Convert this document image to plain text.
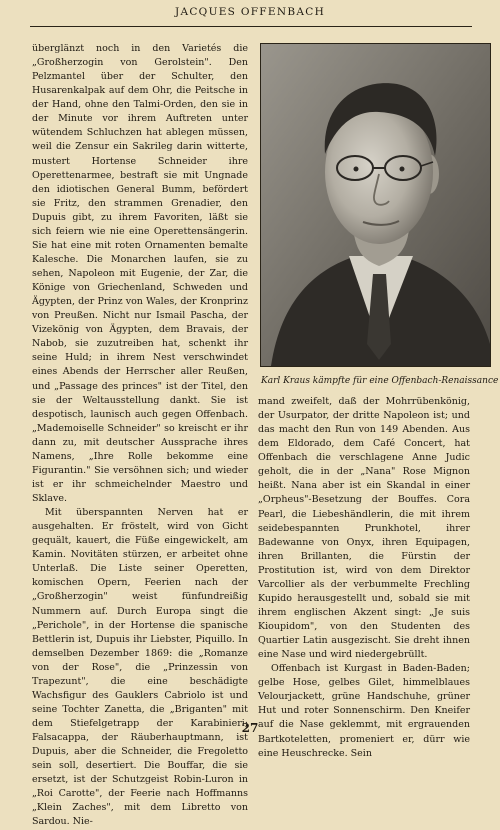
JACQUES OFFENBACH

überglänzt noch in den Varietés die „Großherzogin von Gerolstein". Den Pelzmantel über der Schulter, den Husarenkalpak auf dem Ohr, die Peitsche in der Hand, ohne den Talmi-Orden, den sie in der Minute vor ihrem Auftreten unter wütendem Schluchzen hat ablegen müssen, weil die Zensur ein Sakrileg darin witterte, mustert Hortense Schneider ihre Operettenarmee, bestraft sie mit Ungnade den idiotischen General Bumm, befördert sie Fritz, den strammen Grenadier, den Dupuis gibt, zu ihrem Favoriten, läßt sie sich feiern wie nie eine Operettensängerin. Sie hat eine mit roten Ornamenten bemalte Kalesche. Die Monarchen laufen, sie zu sehen, Napoleon mit Eugenie, der Zar, die Könige von Griechenland, Schweden und Ägypten, der Prinz von Wales, der Kronprinz von Preußen. Nicht nur Ismail Pascha, der Vizekönig von Ägypten, dem Bravais, der Nabob, sie zuzutreiben hat, schenkt ihr seine Huld; in ihrem Nest verschwindet eines Abends der Herrscher aller Reußen, und „Passage des princes" ist der Titel, den sie der Weltausstellung dankt. Sie ist despotisch, launisch auch gegen Offenbach. „Mademoiselle Schneider" so kreischt er ihr dann zu, mit deutscher Aussprache ihres Namens, „Ihre Rolle bekomme eine Figurantin." Sie versöhnen sich; und wieder ist er ihr schmeichelnder Maestro und Sklave.

Mit überspannten Nerven hat er ausgehalten. Er fröstelt, wird von Gicht gequält, kauert, die Füße eingewickelt, am Kamin. Novitäten stürzen, er arbeitet ohne Unterlaß. Die Liste seiner Operetten, komischen Opern, Feerien nach der „Großherzogin" weist fünfundreißig Nummern auf. Durch Europa singt die „Perichole", in der Hortense die spanische Bettlerin ist, Dupuis ihr Liebster, Piquillo. In demselben Dezember 1869: die „Romanze von der Rose", die „Prinzessin von Trapezunt", die eine beschädigte Wachsfigur des Gauklers Cabriolo ist und seine Tochter Zanetta, die „Briganten" mit dem Stiefelgetrapp der Karabinieri; Falsacappa, der Räuberhauptmann, ist Dupuis, aber die Schneider, die Fregoletto sein soll, desertiert. Die Bouffar, die sie ersetzt, ist der Schutzgeist Robin-Luron in „Roi Carotte", der Feerie nach Hoffmanns „Klein Zaches", mit dem Libretto von Sardou. Nie-

Karl Kraus kämpfte für eine Offenbach-Renaissance

mand zweifelt, daß der Mohrrübenkönig, der Usurpator, der dritte Napoleon ist; und das macht den Run von 149 Abenden. Aus dem Eldorado, dem Café Concert, hat Offenbach die verschlagene Anne Judic geholt, die in der „Nana" Rose Mignon heißt. Nana aber ist ein Skandal in einer „Orpheus"-Besetzung der Bouffes. Cora Pearl, die Liebeshändlerin, die mit ihrem seidebespannten Prunkhotel, ihrer Badewanne von Onyx, ihren Equipagen, ihren Brillanten, die Fürstin der Prostitution ist, wird von dem Direktor Varcollier als der verbummelte Frechling Kupido herausgestellt und, sobald sie mit ihrem englischen Akzent singt: „Je suis Kioupidom", von den Studenten des Quartier Latin ausgezischt. Sie dreht ihnen eine Nase und wird niedergebrüllt.

Offenbach ist Kurgast in Baden-Baden; gelbe Hose, gelbes Gilet, himmelblaues Velourjackett, grüne Handschuhe, grüner Hut und roter Sonnenschirm. Den Kneifer auf die Nase geklemmt, mit ergrauenden Bartkoteletten, promeniert er, dürr wie eine Heuschrecke. Sein

27
